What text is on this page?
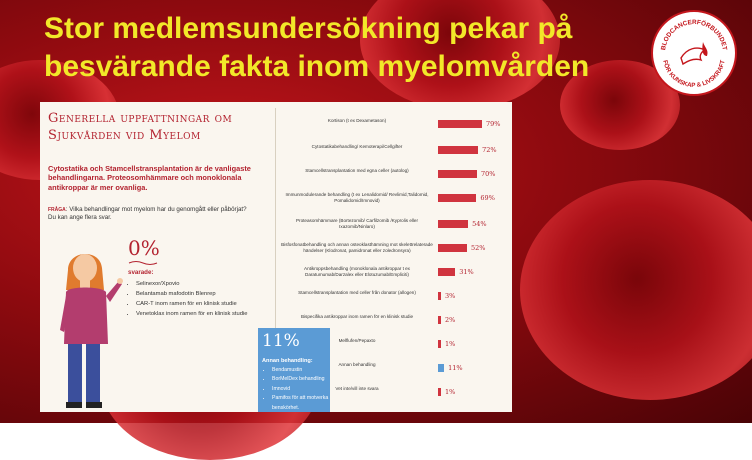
Stor medlemsundersökning pekar på
besvärande fakta inom myelomvården
BLODCANCERFÖRBUNDET
FÖR KUNSKAP & LIVSKRAFT
Generella uppfattningar om Sjukvården vid Myelom
Cytostatika och Stamcellstransplantation är de vanligaste behandlingarna. Proteosomhämmare och monoklonala antikroppar är mer ovanliga.
FRÅGA: Vilka behandlingar mot myelom har du genomgått eller påbörjat? Du kan ange flera svar.
0%
svarade:
• Selinexor/Xpovio
• Belantamab mafodotin Blenrep
• CAR-T inom ramen för en klinisk studie
• Venetoklax inom ramen för en klinisk studie
Kortison (t ex Dexametason)	79%
Cytostatikabehandling/ Kemoterapi/Cellgifter	72%
Stamcellstransplantation med egna celler (autolog)	70%
Immunmodulerande behandling (t ex Lenalidomid/ Revlimid,Talidomid, Pomalidomid/Imnovid)	69%
Proteasomhämmare (Bortezomib/ Carfilzomib /Kyprolis eller Ixazomib/Ninlaro)	54%
Bisfosfonatbehandling och annan osteoklasthämning mot skelettrelaterade händelser (Klodronat, pamidronat eller zoledronsyra)	52%
Antikroppsbehandling (monoklonala antikroppar t ex Daratumumab/Darzalex eller Elotuzumab/Empliciti)	31%
Stamcellstransplantation med celler från donator (allogen)	3%
Bispecifika antikroppar inom ramen för en klinisk studie	2%
Melflufen/Pepaxto	1%
Annan behandling	11%
Vet inte/vill inte svara	1%
11%
Annan behandling:
• Bendamustin
• BorMelDex behandling
• Imnovid
• Pamifos för att motverka benskörhet.
